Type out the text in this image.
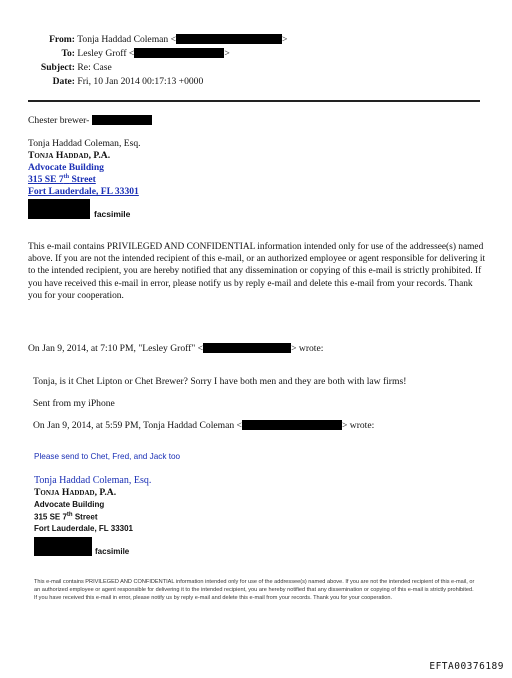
From: Tonja Haddad Coleman <	>
To: Lesley Groff <	>
Subject: Re: Case
Date: Fri, 10 Jan 2014 00:17:13 +0000
Chester brewer-
Tonja Haddad Coleman, Esq.
Tonja Haddad, P.A.
Advocate Building
315 SE 7th Street
Fort Lauderdale, FL 33301
facsimile
This e-mail contains PRIVILEGED AND CONFIDENTIAL information intended only for use of the addressee(s) named above. If you are not the intended recipient of this e-mail, or an authorized employee or agent responsible for delivering it to the intended recipient, you are hereby notified that any dissemination or copying of this e-mail is strictly prohibited. If you have received this e-mail in error, please notify us by reply e-mail and delete this e-mail from your records. Thank you for your cooperation.
On Jan 9, 2014, at 7:10 PM, "Lesley Groff" <	> wrote:
Tonja, is it Chet Lipton or Chet Brewer? Sorry I have both men and they are both with law firms!
Sent from my iPhone
On Jan 9, 2014, at 5:59 PM, Tonja Haddad Coleman <	> wrote:
Please send to Chet, Fred, and Jack too
Tonja Haddad Coleman, Esq.
Tonja Haddad, P.A.
Advocate Building
315 SE 7th Street
Fort Lauderdale, FL 33301
facsimile
This e-mail contains PRIVILEGED AND CONFIDENTIAL information intended only for use of the addressee(s) named above. If you are not the intended recipient of this e-mail, or an authorized employee or agent responsible for delivering it to the intended recipient, you are hereby notified that any dissemination or copying of this e-mail is strictly prohibited. If you have received this e-mail in error, please notify us by reply e-mail and delete this e-mail from your records. Thank you for your cooperation.
EFTA00376189
